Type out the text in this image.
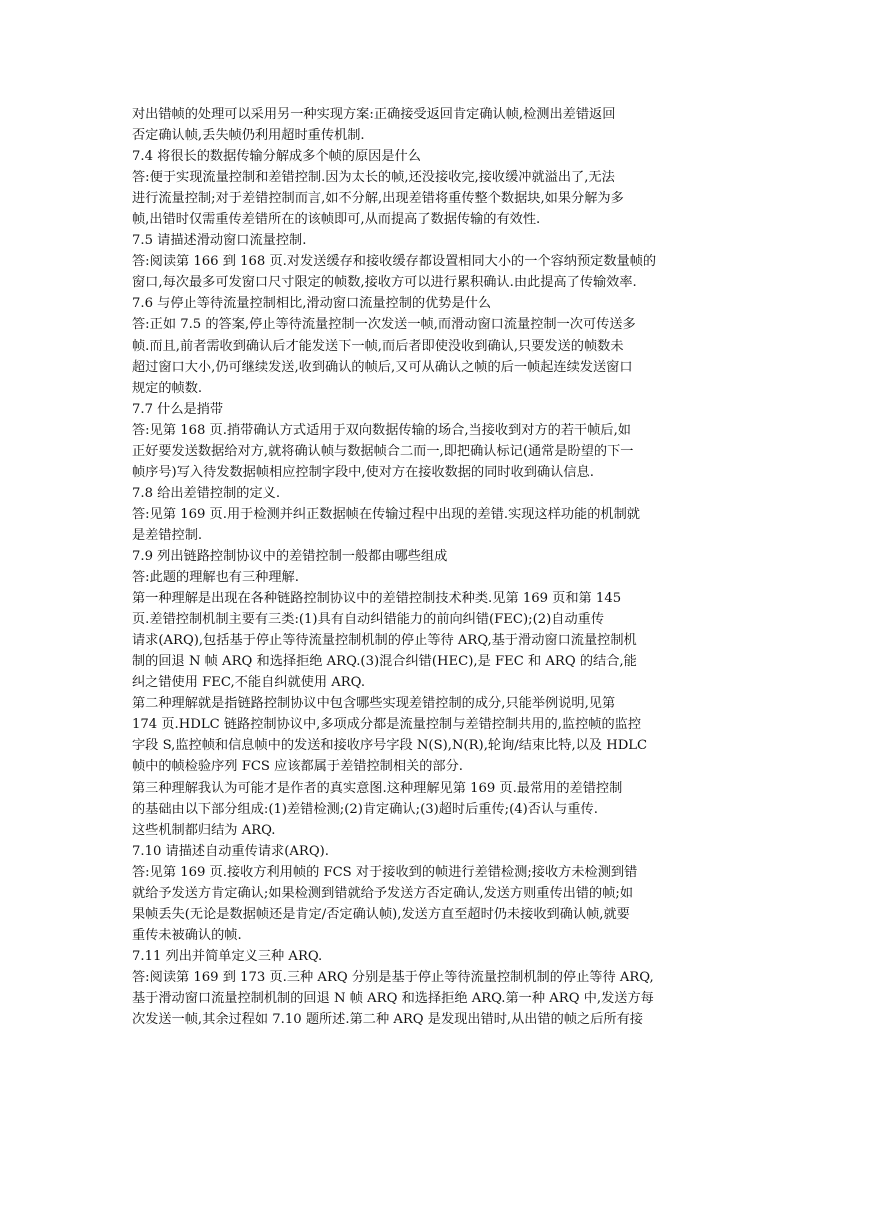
对出错帧的处理可以采用另一种实现方案:正确接受返回肯定确认帧,检测出差错返回
否定确认帧,丢失帧仍利用超时重传机制.
7.4 将很长的数据传输分解成多个帧的原因是什么
答:便于实现流量控制和差错控制.因为太长的帧,还没接收完,接收缓冲就溢出了,无法
进行流量控制;对于差错控制而言,如不分解,出现差错将重传整个数据块,如果分解为多
帧,出错时仅需重传差错所在的该帧即可,从而提高了数据传输的有效性.
7.5 请描述滑动窗口流量控制.
答:阅读第 166 到 168 页.对发送缓存和接收缓存都设置相同大小的一个容纳预定数量帧的
窗口,每次最多可发窗口尺寸限定的帧数,接收方可以进行累积确认.由此提高了传输效率.
7.6 与停止等待流量控制相比,滑动窗口流量控制的优势是什么
答:正如 7.5 的答案,停止等待流量控制一次发送一帧,而滑动窗口流量控制一次可传送多
帧.而且,前者需收到确认后才能发送下一帧,而后者即使没收到确认,只要发送的帧数未
超过窗口大小,仍可继续发送,收到确认的帧后,又可从确认之帧的后一帧起连续发送窗口
规定的帧数.
7.7 什么是捎带
答:见第 168 页.捎带确认方式适用于双向数据传输的场合,当接收到对方的若干帧后,如
正好要发送数据给对方,就将确认帧与数据帧合二而一,即把确认标记(通常是盼望的下一
帧序号)写入待发数据帧相应控制字段中,使对方在接收数据的同时收到确认信息.
7.8 给出差错控制的定义.
答:见第 169 页.用于检测并纠正数据帧在传输过程中出现的差错.实现这样功能的机制就
是差错控制.
7.9 列出链路控制协议中的差错控制一般都由哪些组成
答:此题的理解也有三种理解.
第一种理解是出现在各种链路控制协议中的差错控制技术种类.见第 169 页和第 145
页.差错控制机制主要有三类:(1)具有自动纠错能力的前向纠错(FEC);(2)自动重传
请求(ARQ),包括基于停止等待流量控制机制的停止等待 ARQ,基于滑动窗口流量控制机
制的回退 N 帧 ARQ 和选择拒绝 ARQ.(3)混合纠错(HEC),是 FEC 和 ARQ 的结合,能
纠之错使用 FEC,不能自纠就使用 ARQ.
第二种理解就是指链路控制协议中包含哪些实现差错控制的成分,只能举例说明,见第
174 页.HDLC 链路控制协议中,多项成分都是流量控制与差错控制共用的,监控帧的监控
字段 S,监控帧和信息帧中的发送和接收序号字段 N(S),N(R),轮询/结束比特,以及 HDLC
帧中的帧检验序列 FCS 应该都属于差错控制相关的部分.
第三种理解我认为可能才是作者的真实意图.这种理解见第 169 页.最常用的差错控制
的基础由以下部分组成:(1)差错检测;(2)肯定确认;(3)超时后重传;(4)否认与重传.
这些机制都归结为 ARQ.
7.10 请描述自动重传请求(ARQ).
答:见第 169 页.接收方利用帧的 FCS 对于接收到的帧进行差错检测;接收方未检测到错
就给予发送方肯定确认;如果检测到错就给予发送方否定确认,发送方则重传出错的帧;如
果帧丢失(无论是数据帧还是肯定/否定确认帧),发送方直至超时仍未接收到确认帧,就要
重传未被确认的帧.
7.11 列出并简单定义三种 ARQ.
答:阅读第 169 到 173 页.三种 ARQ 分别是基于停止等待流量控制机制的停止等待 ARQ,
基于滑动窗口流量控制机制的回退 N 帧 ARQ 和选择拒绝 ARQ.第一种 ARQ 中,发送方每
次发送一帧,其余过程如 7.10 题所述.第二种 ARQ 是发现出错时,从出错的帧之后所有接
